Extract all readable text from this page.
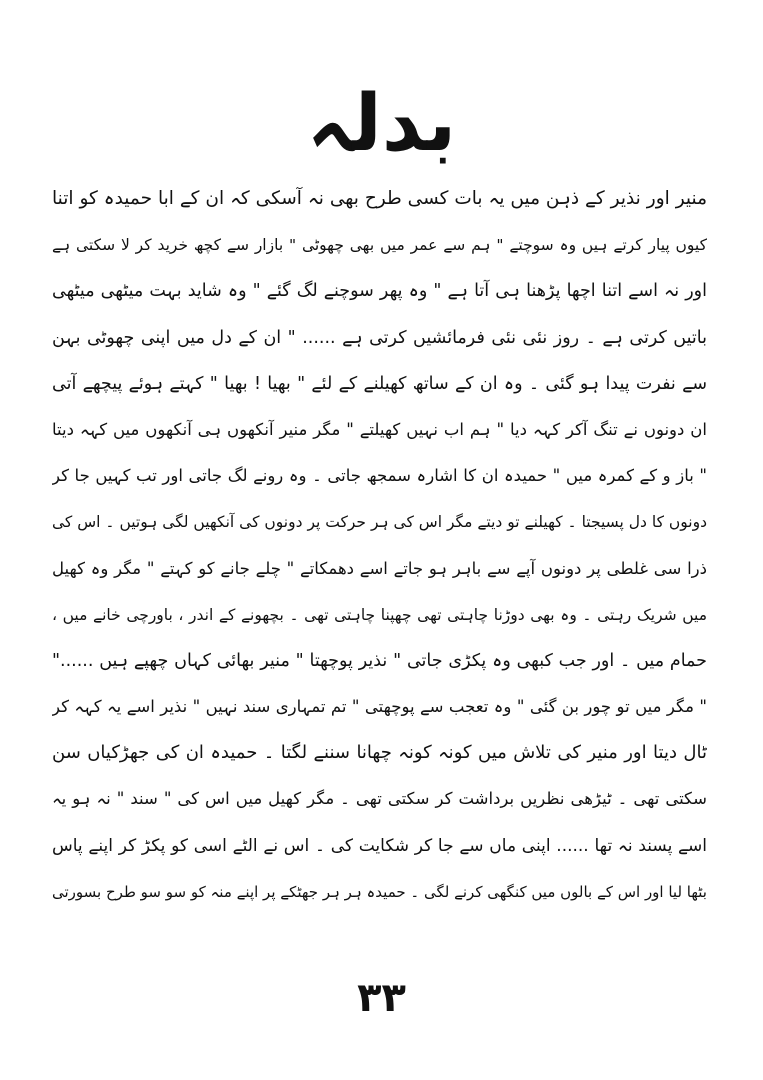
بدلہ
منیر اور نذیر کے ذہن میں یہ بات کسی طرح بھی نہ آسکی کہ ان کے ابا حمیدہ کو اتنا
کیوں پیار کرتے ہیں وہ سوچتے " ہم سے عمر میں بھی چھوٹی " بازار سے کچھ خرید کر لا سکتی ہے
اور نہ اسے اتنا اچھا پڑھنا ہی آتا ہے " وہ پھر سوچنے لگ گئے " وہ شاید بہت میٹھی میٹھی
باتیں کرتی ہے ۔ روز نئی نئی فرمائشیں کرتی ہے ...... " ان کے دل میں اپنی چھوٹی بہن
سے نفرت پیدا ہو گئی ۔ وہ ان کے ساتھ کھیلنے کے لئے " بھیا ! بھیا " کہتے ہوئے پیچھے آتی
ان دونوں نے تنگ آکر کہہ دیا " ہم اب نہیں کھیلتے " مگر منیر آنکھوں ہی آنکھوں میں کہہ دیتا
" باز و کے کمرہ میں " حمیدہ ان کا اشارہ سمجھ جاتی ۔ وہ رونے لگ جاتی اور تب کہیں جا کر
دونوں کا دل پسیجتا ۔ کھیلنے تو دیتے مگر اس کی ہر حرکت پر دونوں کی آنکھیں لگی ہوتیں ۔ اس کی
ذرا سی غلطی پر دونوں آپے سے باہر ہو جاتے اسے دھمکاتے " چلے جانے کو کہتے " مگر وہ کھیل
میں شریک رہتی ۔ وہ بھی دوڑنا چاہتی تھی چھپنا چاہتی تھی ۔ بچھونے کے اندر ، باورچی خانے میں ،
حمام میں ۔ اور جب کبھی وہ پکڑی جاتی " نذیر پوچھتا " منیر بھائی کہاں چھپے ہیں ......"
" مگر میں تو چور بن گئی " وہ تعجب سے پوچھتی " تم تمہاری سند نہیں " نذیر اسے یہ کہہ کر
ٹال دیتا اور منیر کی تلاش میں کونہ کونہ چھانا سننے لگتا ۔ حمیدہ ان کی جھڑکیاں سن
سکتی تھی ۔ ٹیڑھی نظریں برداشت کر سکتی تھی ۔ مگر کھیل میں اس کی " سند " نہ ہو یہ
اسے پسند نہ تھا ...... اپنی ماں سے جا کر شکایت کی ۔ اس نے الٹے اسی کو پکڑ کر اپنے پاس
بٹھا لیا اور اس کے بالوں میں کنگھی کرنے لگی ۔ حمیدہ ہر ہر جھٹکے پر اپنے منہ کو سو سو طرح بسورتی
۳۳
